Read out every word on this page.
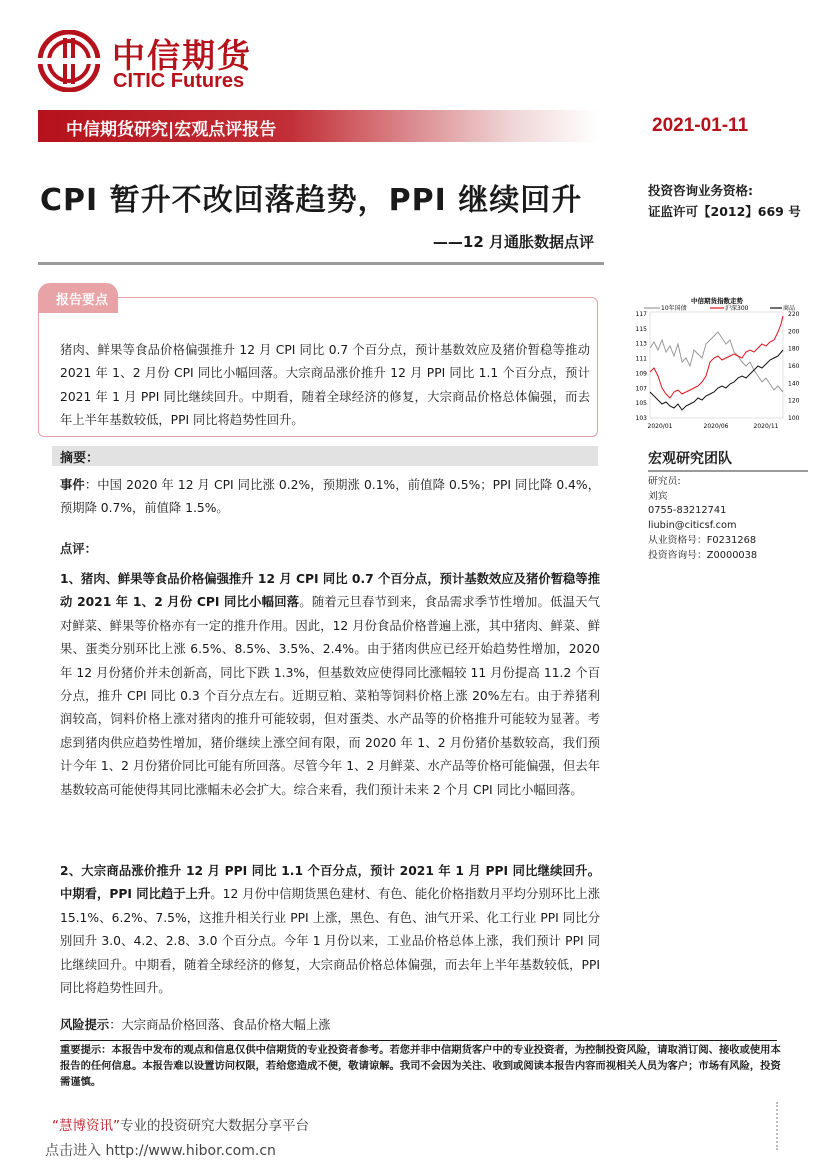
中信期货
CITIC Futures
中信期货研究|宏观点评报告	2021-01-11
CPI 暂升不改回落趋势，PPI 继续回升
——12 月通胀数据点评
投资咨询业务资格:
证监许可【2012】669 号
报告要点
猪肉、鲜果等食品价格偏强推升 12 月 CPI 同比 0.7 个百分点，预计基数效应及猪价暂稳等推动 2021 年 1、2 月份 CPI 同比小幅回落。大宗商品涨价推升 12 月 PPI 同比 1.1 个百分点，预计 2021 年 1 月 PPI 同比继续回升。中期看，随着全球经济的修复，大宗商品价格总体偏强，而去年上半年基数较低，PPI 同比将趋势性回升。
中信期货指数走势
10年国债	沪深300	商品
117
115
113
111
109
107
105
103
220
200
180
160
140
120
100
2020/01	2020/06	2020/11
宏观研究团队
研究员:
刘宾
0755-83212741
liubin@citicsf.com
从业资格号：F0231268
投资咨询号：Z0000038
摘要：
事件：中国 2020 年 12 月 CPI 同比涨 0.2%，预期涨 0.1%，前值降 0.5%；PPI 同比降 0.4%，预期降 0.7%，前值降 1.5%。
点评：
1、猪肉、鲜果等食品价格偏强推升 12 月 CPI 同比 0.7 个百分点，预计基数效应及猪价暂稳等推动 2021 年 1、2 月份 CPI 同比小幅回落。随着元旦春节到来，食品需求季节性增加。低温天气对鲜菜、鲜果等价格亦有一定的推升作用。因此，12 月份食品价格普遍上涨，其中猪肉、鲜菜、鲜果、蛋类分别环比上涨 6.5%、8.5%、3.5%、2.4%。由于猪肉供应已经开始趋势性增加，2020 年 12 月份猪价并未创新高，同比下跌 1.3%，但基数效应使得同比涨幅较 11 月份提高 11.2 个百分点，推升 CPI 同比 0.3 个百分点左右。近期豆粕、菜粕等饲料价格上涨 20%左右。由于养猪利润较高，饲料价格上涨对猪肉的推升可能较弱，但对蛋类、水产品等的价格推升可能较为显著。考虑到猪肉供应趋势性增加，猪价继续上涨空间有限，而 2020 年 1、2 月份猪价基数较高，我们预计今年 1、2 月份猪价同比可能有所回落。尽管今年 1、2 月鲜菜、水产品等价格可能偏强，但去年基数较高可能使得其同比涨幅未必会扩大。综合来看，我们预计未来 2 个月 CPI 同比小幅回落。
2、大宗商品涨价推升 12 月 PPI 同比 1.1 个百分点，预计 2021 年 1 月 PPI 同比继续回升。中期看，PPI 同比趋于上升。12 月份中信期货黑色建材、有色、能化价格指数月平均分别环比上涨 15.1%、6.2%、7.5%，这推升相关行业 PPI 上涨，黑色、有色、油气开采、化工行业 PPI 同比分别回升 3.0、4.2、2.8、3.0 个百分点。今年 1 月份以来，工业品价格总体上涨，我们预计 PPI 同比继续回升。中期看，随着全球经济的修复，大宗商品价格总体偏强，而去年上半年基数较低，PPI 同比将趋势性回升。
风险提示：大宗商品价格回落、食品价格大幅上涨
重要提示：本报告中发布的观点和信息仅供中信期货的专业投资者参考。若您并非中信期货客户中的专业投资者，为控制投资风险，请取消订阅、接收或使用本报告的任何信息。本报告难以设置访问权限，若给您造成不便，敬请谅解。我司不会因为关注、收到或阅读本报告内容而视相关人员为客户；市场有风险，投资需谨慎。
“慧博资讯”专业的投资研究大数据分享平台
点击进入 http://www.hibor.com.cn
